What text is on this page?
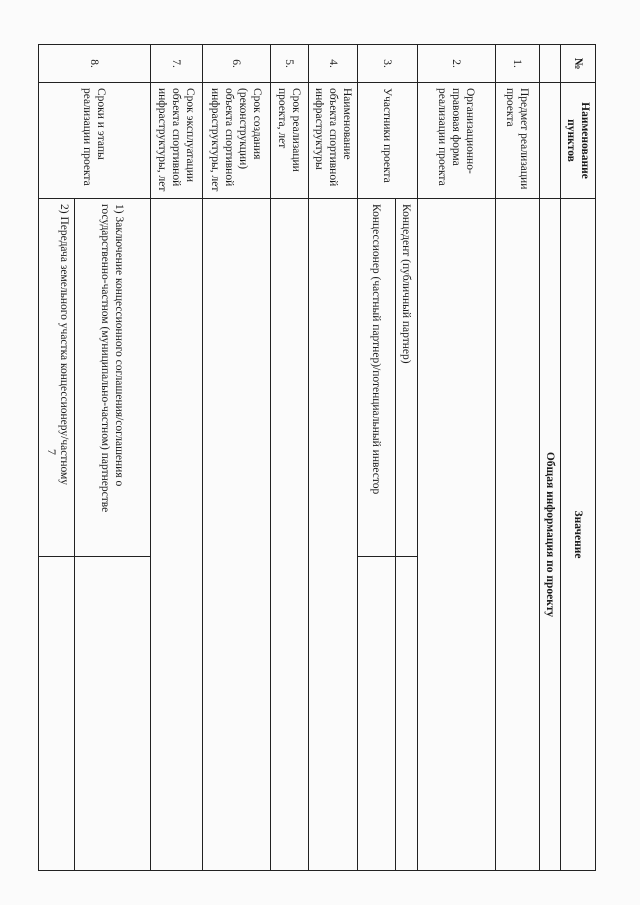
7
№	Наименование пунктов	Значение	
		Общая информация по проекту	
1.	Предмет реализации проекта		
2.	Организационно-правовая форма реализации проекта		
3.	Участники проекта	Концедент (публичный партнер)	
		Концессионер (частный партнер)/потенциальный инвестор	
4.	Наименование объекта спортивной инфраструктуры		
5.	Срок реализации проекта, лет		
6.	Срок создания (реконструкции) объекта спортивной инфраструктуры, лет		
7.	Срок эксплуатации объекта спортивной инфраструктуры, лет		
8.	Сроки и этапы реализации проекта	1) Заключение концессионного соглашения/соглашения о государственно-частном (муниципально-частном) партнерстве	
		2) Передача земельного участка концессионеру/частному	
